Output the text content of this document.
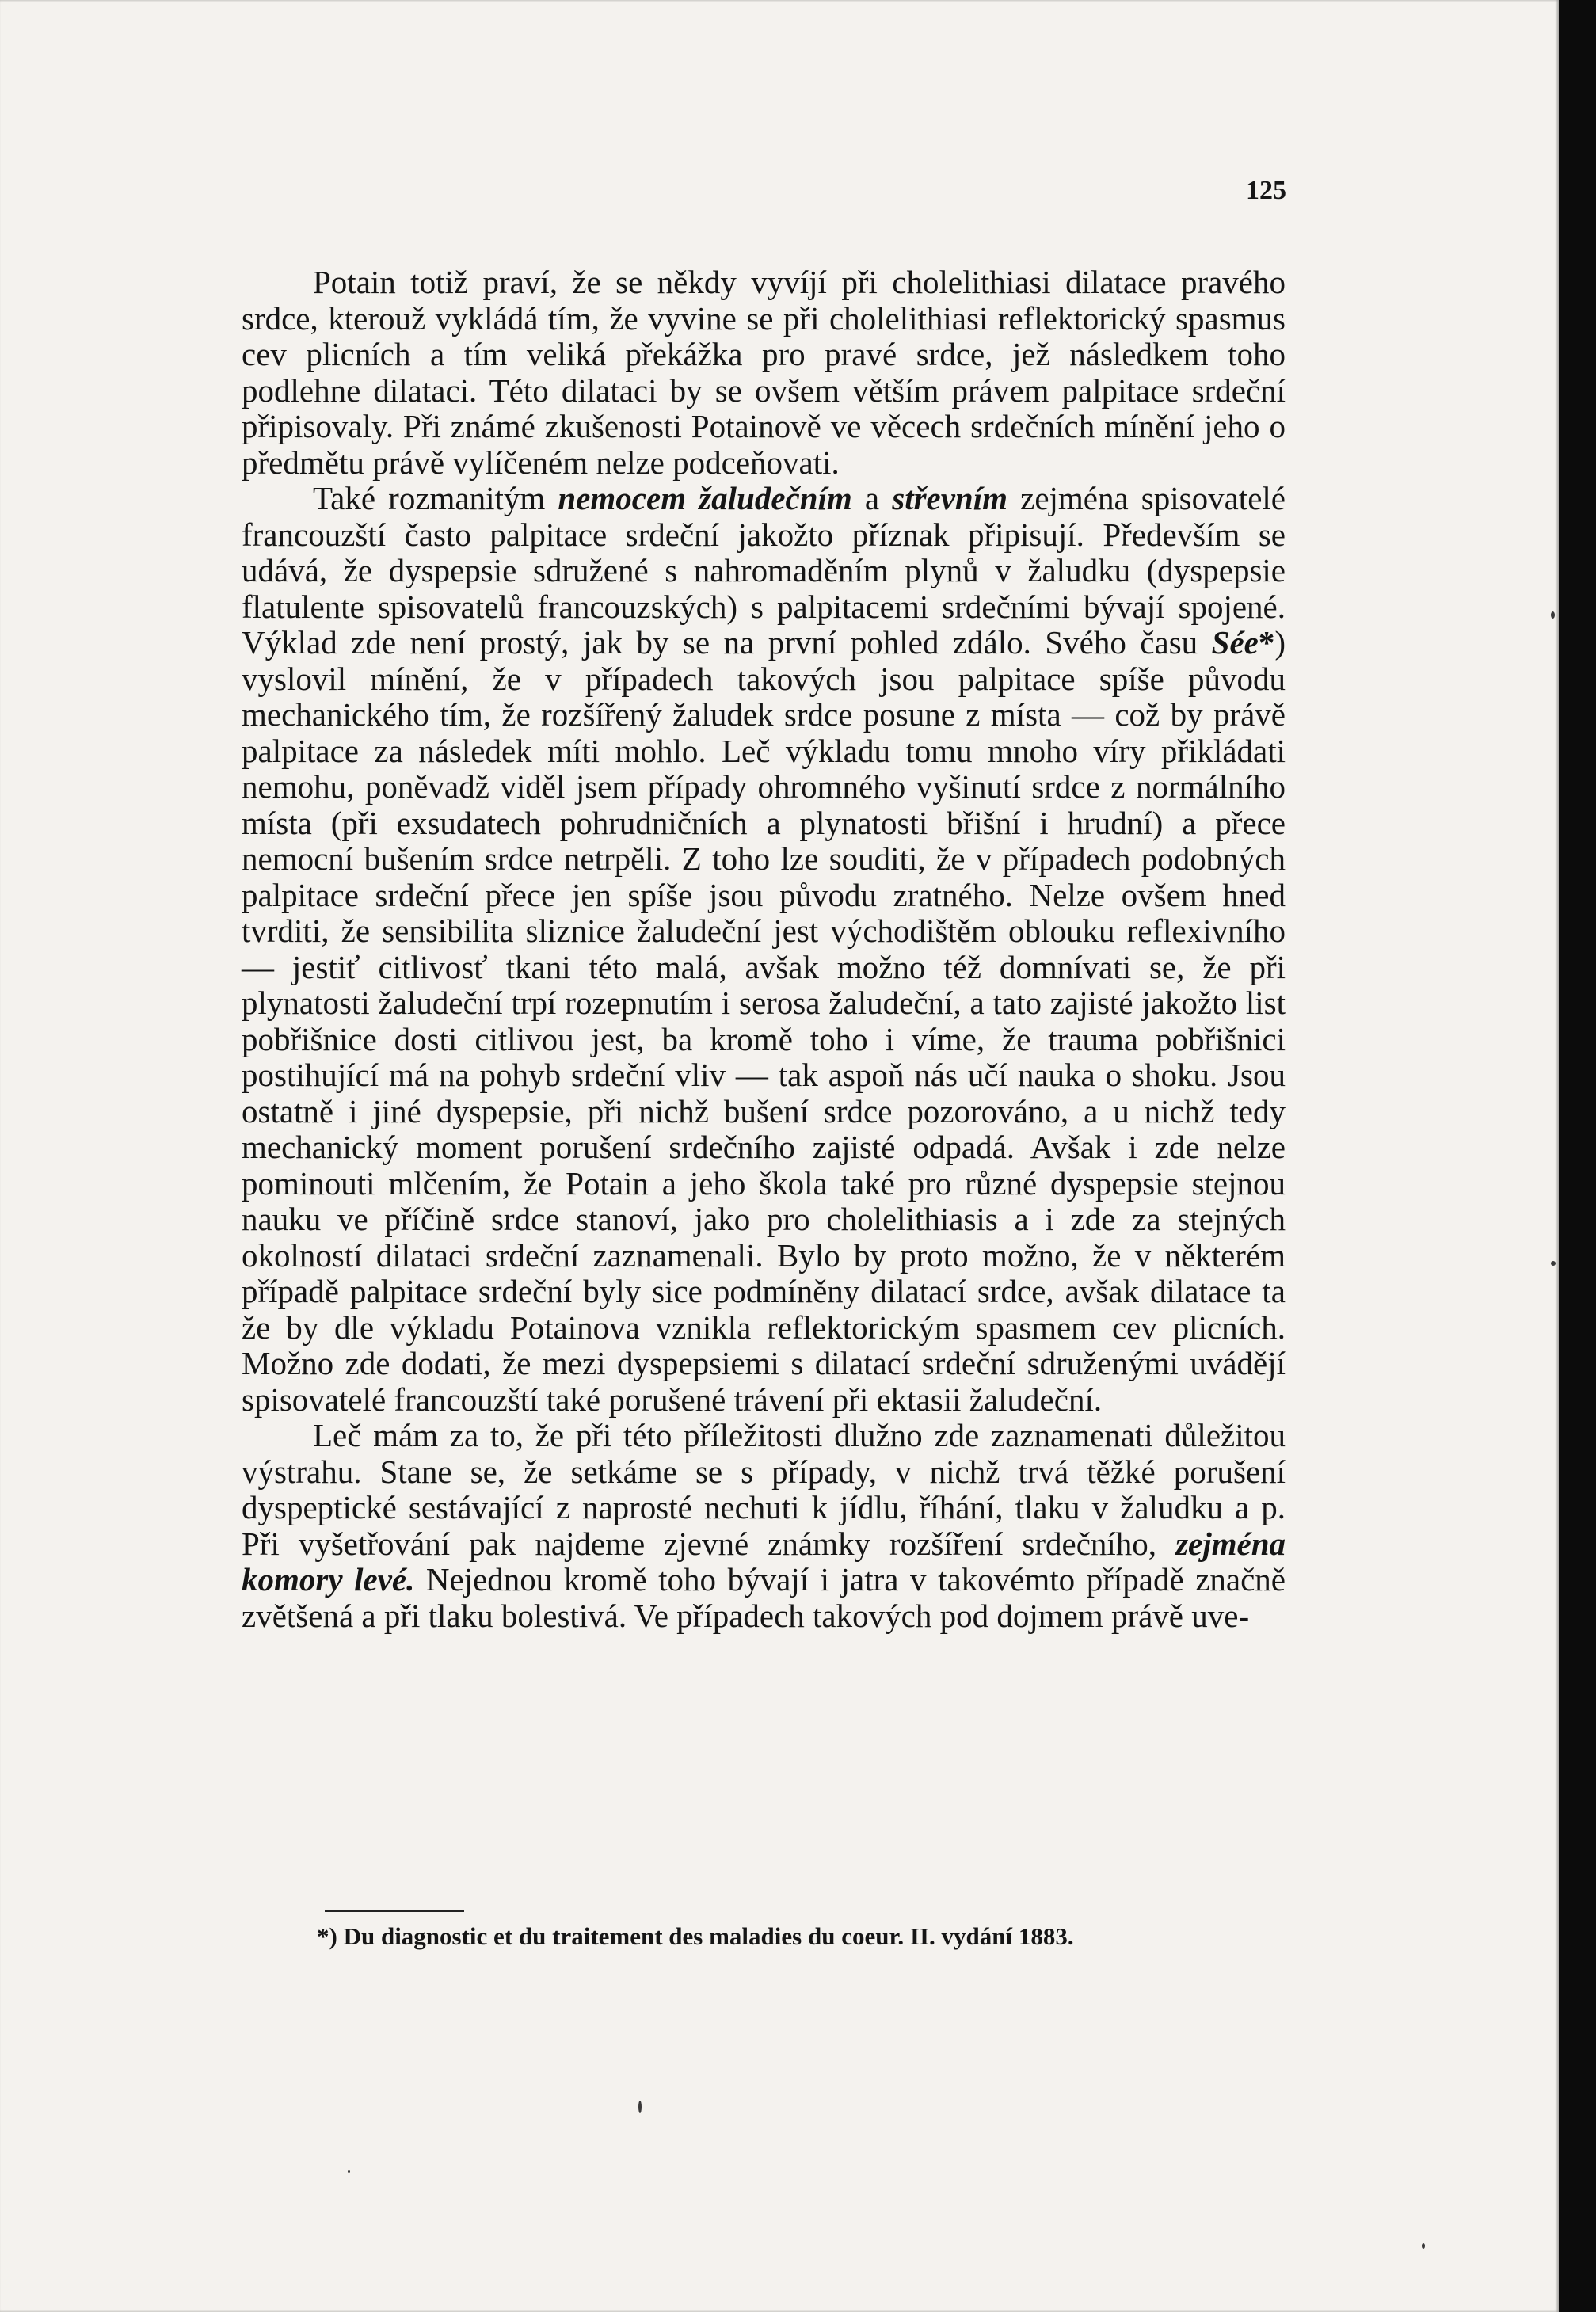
125

Potain totiž praví, že se někdy vyvíjí při cholelithiasi dilatace pravého srdce, kterouž vykládá tím, že vyvine se při cholelithiasi reflektorický spasmus cev plicních a tím veliká překážka pro pravé srdce, jež následkem toho podlehne dilataci. Této dilataci by se ovšem větším právem palpitace srdeční připisovaly. Při známé zkušenosti Potainově ve věcech srdečních mínění jeho o předmětu právě vylíčeném nelze podceňovati.

Také rozmanitým nemocem žaludečním a střevním zejména spisovatelé francouzští často palpitace srdeční jakožto příznak připisují. Především se udává, že dyspepsie sdružené s nahromaděním plynů v žaludku (dyspepsie flatulente spisovatelů francouzských) s palpitacemi srdečními bývají spojené. Výklad zde není prostý, jak by se na první pohled zdálo. Svého času Sée*) vyslovil mínění, že v případech takových jsou palpitace spíše původu mechanického tím, že rozšířený žaludek srdce posune z místa — což by právě palpitace za následek míti mohlo. Leč výkladu tomu mnoho víry přikládati nemohu, poněvadž viděl jsem případy ohromného vyšinutí srdce z normálního místa (při exsudatech pohrudničních a plynatosti břišní i hrudní) a přece nemocní bušením srdce netrpěli. Z toho lze souditi, že v případech podobných palpitace srdeční přece jen spíše jsou původu zratného. Nelze ovšem hned tvrditi, že sensibilita sliznice žaludeční jest východištěm oblouku reflexivního — jestiť citlivosť tkani této malá, avšak možno též domnívati se, že při plynatosti žaludeční trpí rozepnutím i serosa žaludeční, a tato zajisté jakožto list pobřišnice dosti citlivou jest, ba kromě toho i víme, že trauma pobřišnici postihující má na pohyb srdeční vliv — tak aspoň nás učí nauka o shoku. Jsou ostatně i jiné dyspepsie, při nichž bušení srdce pozorováno, a u nichž tedy mechanický moment porušení srdečního zajisté odpadá. Avšak i zde nelze pominouti mlčením, že Potain a jeho škola také pro různé dyspepsie stejnou nauku ve příčině srdce stanoví, jako pro cholelithiasis a i zde za stejných okolností dilataci srdeční zaznamenali. Bylo by proto možno, že v některém případě palpitace srdeční byly sice podmíněny dilatací srdce, avšak dilatace ta že by dle výkladu Potainova vznikla reflektorickým spasmem cev plicních. Možno zde dodati, že mezi dyspepsiemi s dilatací srdeční sdruženými uvádějí spisovatelé francouzští také porušené trávení při ektasii žaludeční.

Leč mám za to, že při této příležitosti dlužno zde zaznamenati důležitou výstrahu. Stane se, že setkáme se s případy, v nichž trvá těžké porušení dyspeptické sestávající z naprosté nechuti k jídlu, říhání, tlaku v žaludku a p. Při vyšetřování pak najdeme zjevné známky rozšíření srdečního, zejména komory levé. Nejednou kromě toho bývají i jatra v takovémto případě značně zvětšená a při tlaku bolestivá. Ve případech takových pod dojmem právě uve-

*) Du diagnostic et du traitement des maladies du coeur. II. vydání 1883.
